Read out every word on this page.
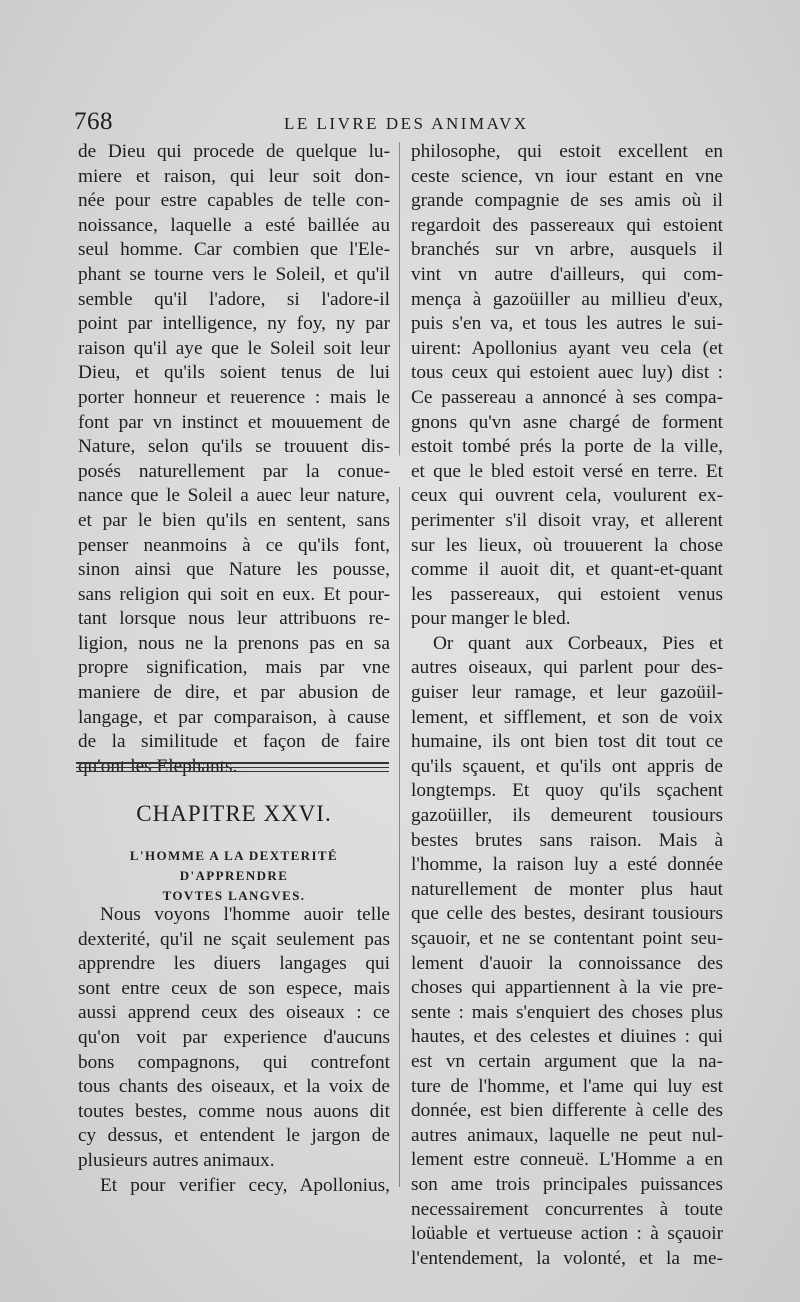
768	LE LIVRE DES ANIMAVX
de Dieu qui procede de quelque lu-
miere et raison, qui leur soit don-
née pour estre capables de telle con-
noissance, laquelle a esté baillée au
seul homme. Car combien que l'Ele-
phant se tourne vers le Soleil, et qu'il
semble qu'il l'adore, si l'adore-il
point par intelligence, ny foy, ny par
raison qu'il aye que le Soleil soit leur
Dieu, et qu'ils soient tenus de lui
porter honneur et reuerence : mais le
font par vn instinct et mouuement de
Nature, selon qu'ils se trouuent dis-
posés naturellement par la conue-
nance que le Soleil a auec leur nature,
et par le bien qu'ils en sentent, sans
penser neanmoins à ce qu'ils font,
sinon ainsi que Nature les pousse,
sans religion qui soit en eux. Et pour-
tant lorsque nous leur attribuons re-
ligion, nous ne la prenons pas en sa
propre signification, mais par vne
maniere de dire, et par abusion de
langage, et par comparaison, à cause
de la similitude et façon de faire
CHAPITRE XXVI.
L'HOMME A LA DEXTERITÉ D'APPRENDRE
TOVTES LANGVES.
Nous voyons l'homme auoir telle
dexterité, qu'il ne sçait seulement pas
apprendre les diuers langages qui
sont entre ceux de son espece, mais
aussi apprend ceux des oiseaux : ce
qu'on voit par experience d'aucuns
bons compagnons, qui contrefont
tous chants des oiseaux, et la voix de
toutes bestes, comme nous auons dit
cy dessus, et entendent le jargon de
plusieurs autres animaux.
Et pour verifier cecy, Apollonius,
philosophe, qui estoit excellent en
ceste science, vn iour estant en vne
grande compagnie de ses amis où il
regardoit des passereaux qui estoient
branchés sur vn arbre, ausquels il
vint vn autre d'ailleurs, qui com-
mença à gazoüiller au millieu d'eux,
puis s'en va, et tous les autres le sui-
uirent: Apollonius ayant veu cela (et
tous ceux qui estoient auec luy) dist :
Ce passereau a annoncé à ses compa-
gnons qu'vn asne chargé de forment
estoit tombé prés la porte de la ville,
et que le bled estoit versé en terre. Et
ceux qui ouvrent cela, voulurent ex-
perimenter s'il disoit vray, et allerent
sur les lieux, où trouuerent la chose
comme il auoit dit, et quant-et-quant
les passereaux, qui estoient venus
pour manger le bled.
Or quant aux Corbeaux, Pies et
autres oiseaux, qui parlent pour des-
guiser leur ramage, et leur gazoüil-
lement, et sifflement, et son de voix
humaine, ils ont bien tost dit tout ce
qu'ils sçauent, et qu'ils ont appris de
longtemps. Et quoy qu'ils sçachent
gazoüiller, ils demeurent tousiours
bestes brutes sans raison. Mais à
l'homme, la raison luy a esté donnée
naturellement de monter plus haut
que celle des bestes, desirant tousiours
sçauoir, et ne se contentant point seu-
lement d'auoir la connoissance des
choses qui appartiennent à la vie pre-
sente : mais s'enquiert des choses plus
hautes, et des celestes et diuines : qui
est vn certain argument que la na-
ture de l'homme, et l'ame qui luy est
donnée, est bien differente à celle des
autres animaux, laquelle ne peut nul-
lement estre conneuë. L'Homme a en
son ame trois principales puissances
necessairement concurrentes à toute
loüable et vertueuse action : à sçauoir
l'entendement, la volonté, et la me-
